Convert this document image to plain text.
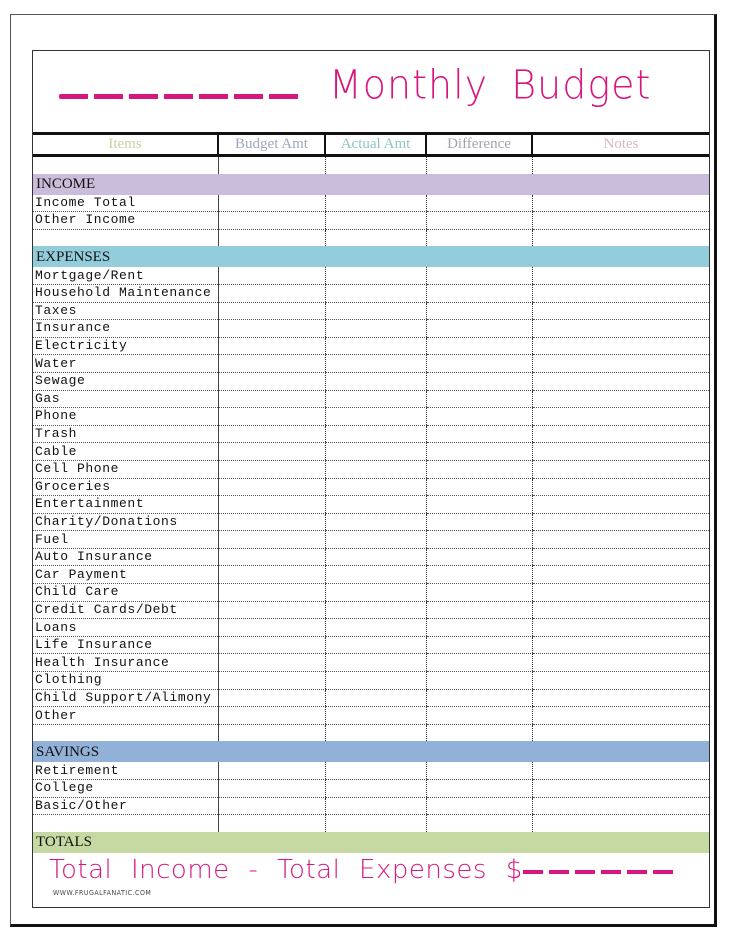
Monthly Budget
Items	Budget Amt	Actual Amt	Difference	Notes

INCOME				
Income Total				
Other Income				

EXPENSES				
Mortgage/Rent				
Household Maintenance				
Taxes				
Insurance				
Electricity				
Water				
Sewage				
Gas				
Phone				
Trash				
Cable				
Cell Phone				
Groceries				
Entertainment				
Charity/Donations				
Fuel				
Auto Insurance				
Car Payment				
Child Care				
Credit Cards/Debt				
Loans				
Life Insurance				
Health Insurance				
Clothing				
Child Support/Alimony				
Other				

SAVINGS				
Retirement				
College				
Basic/Other				

TOTALS				
Total Income - Total Expenses $
WWW.FRUGALFANATIC.COM
